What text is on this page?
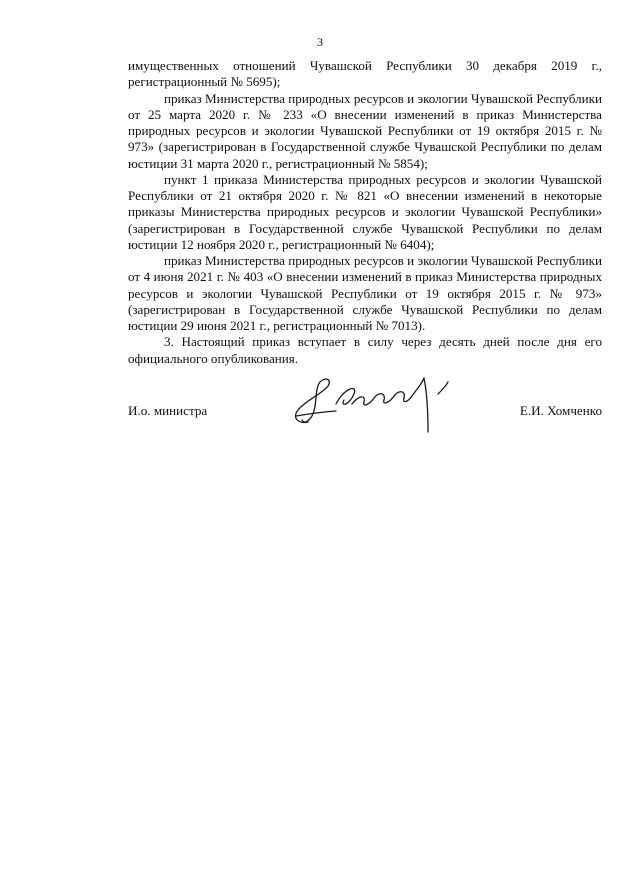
3

имущественных отношений Чувашской Республики 30 декабря 2019 г., регистрационный № 5695);

приказ Министерства природных ресурсов и экологии Чувашской Республики от 25 марта 2020 г. № 233 «О внесении изменений в приказ Министерства природных ресурсов и экологии Чувашской Республики от 19 октября 2015 г. № 973» (зарегистрирован в Государственной службе Чувашской Республики по делам юстиции 31 марта 2020 г., регистрационный № 5854);

пункт 1 приказа Министерства природных ресурсов и экологии Чувашской Республики от 21 октября 2020 г. № 821 «О внесении изменений в некоторые приказы Министерства природных ресурсов и экологии Чувашской Республики» (зарегистрирован в Государственной службе Чувашской Республики по делам юстиции 12 ноября 2020 г., регистрационный № 6404);

приказ Министерства природных ресурсов и экологии Чувашской Республики от 4 июня 2021 г. № 403 «О внесении изменений в приказ Министерства природных ресурсов и экологии Чувашской Республики от 19 октября 2015 г. № 973» (зарегистрирован в Государственной службе Чувашской Республики по делам юстиции 29 июня 2021 г., регистрационный № 7013).

3. Настоящий приказ вступает в силу через десять дней после дня его официального опубликования.

И.о. министра	Е.И. Хомченко
